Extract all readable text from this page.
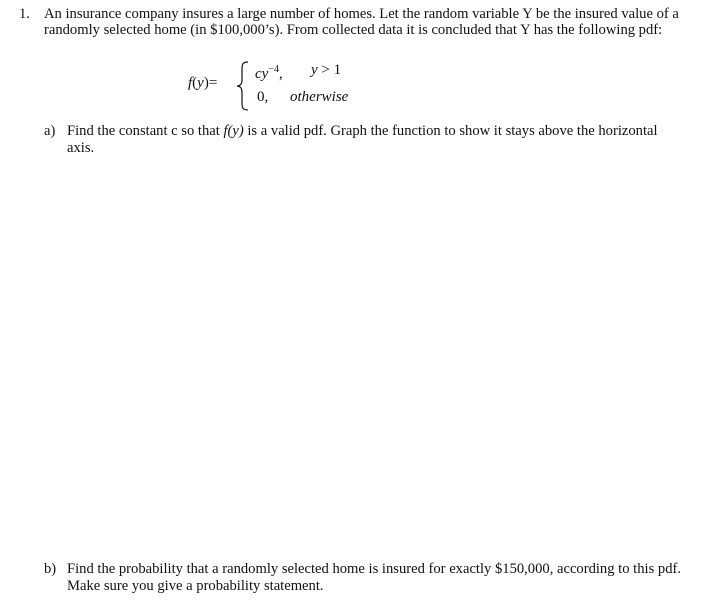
1. An insurance company insures a large number of homes. Let the random variable Y be the insured value of a
randomly selected home (in $100,000’s). From collected data it is concluded that Y has the following pdf:
f(y)=
$cy^{-4}$, y > 1
0, otherwise
a) Find the constant c so that f(y) is a valid pdf. Graph the function to show it stays above the horizontal
axis.
b) Find the probability that a randomly selected home is insured for exactly $150,000, according to this pdf.
Make sure you give a probability statement.
